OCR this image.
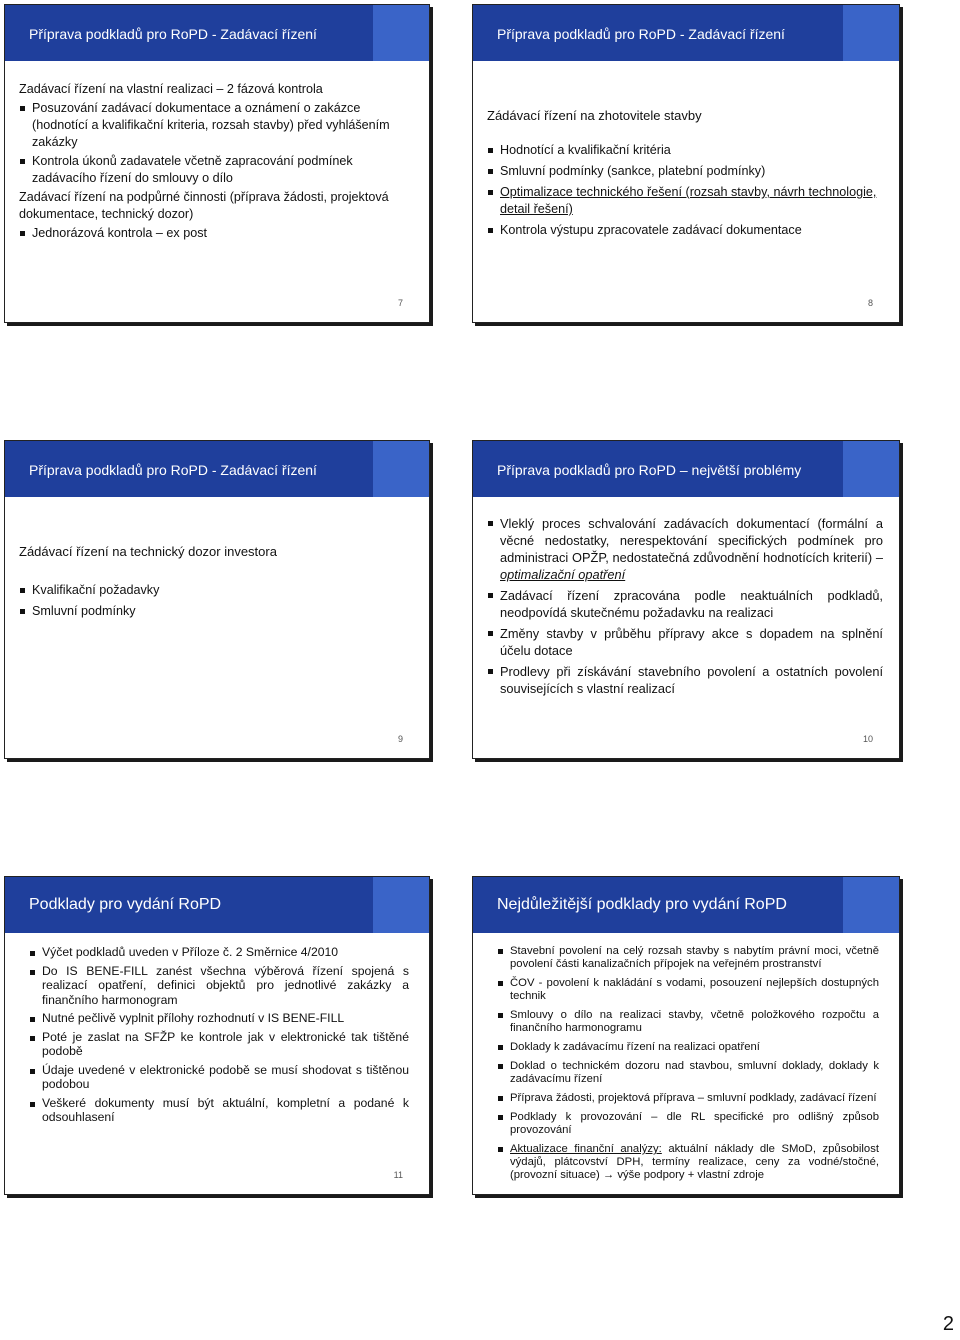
Příprava podkladů pro RoPD - Zadávací řízení
Zadávací řízení na vlastní realizaci – 2 fázová kontrola
Posuzování zadávací dokumentace a oznámení o zakázce (hodnotící a kvalifikační kriteria, rozsah stavby) před vyhlášením zakázky
Kontrola úkonů zadavatele včetně zapracování podmínek zadávacího řízení do smlouvy o dílo
Zadávací řízení na podpůrné činnosti (příprava žádosti, projektová dokumentace, technický dozor)
Jednorázová kontrola – ex post
7
Příprava podkladů pro RoPD - Zadávací řízení
Zádávací řízení na zhotovitele stavby
Hodnotící a kvalifikační kritéria
Smluvní podmínky (sankce, platební podmínky)
Optimalizace technického řešení (rozsah stavby, návrh technologie, detail řešení)
Kontrola výstupu zpracovatele zadávací dokumentace
8
Příprava podkladů pro RoPD - Zadávací řízení
Zádávací řízení na technický dozor investora
Kvalifikační požadavky
Smluvní podmínky
9
Příprava podkladů pro RoPD – největší problémy
Vleklý proces schvalování zadávacích dokumentací (formální a věcné nedostatky, nerespektování specifických podmínek pro administraci OPŽP, nedostatečná zdůvodnění hodnotících kriterií) – optimalizační opatření
Zadávací řízení zpracována podle neaktuálních podkladů, neodpovídá skutečnému požadavku na realizaci
Změny stavby v průběhu přípravy akce s dopadem na splnění účelu dotace
Prodlevy při získávání stavebního povolení a ostatních povolení souvisejících s vlastní realizací
10
Podklady pro vydání RoPD
Výčet podkladů uveden v Příloze č. 2 Směrnice 4/2010
Do IS BENE-FILL zanést všechna výběrová řízení spojená s realizací opatření, definici objektů pro jednotlivé zakázky a finančního harmonogram
Nutné pečlivě vyplnit přílohy rozhodnutí v IS BENE-FILL
Poté je zaslat na SFŽP ke kontrole jak v elektronické tak tištěné podobě
Údaje uvedené v elektronické podobě se musí shodovat s tištěnou podobou
Veškeré dokumenty musí být aktuální, kompletní a podané k odsouhlasení
11
Nejdůležitější podklady pro vydání RoPD
Stavební povolení na celý rozsah stavby s nabytím právní moci, včetně povolení části kanalizačních přípojek na veřejném prostranství
ČOV - povolení k nakládání s vodami, posouzení nejlepších dostupných technik
Smlouvy o dílo na realizaci stavby, včetně položkového rozpočtu a finančního harmonogramu
Doklady k zadávacímu řízení na realizaci opatření
Doklad o technickém dozoru nad stavbou, smluvní doklady, doklady k zadávacímu řízení
Příprava žádosti, projektová příprava – smluvní podklady, zadávací řízení
Podklady k provozování – dle RL specifické pro odlišný způsob provozování
Aktualizace finanční analýzy: aktuální náklady dle SMoD, způsobilost výdajů, plátcovství DPH, termíny realizace, ceny za vodné/stočné, (provozní situace) → výše podpory + vlastní zdroje
2
